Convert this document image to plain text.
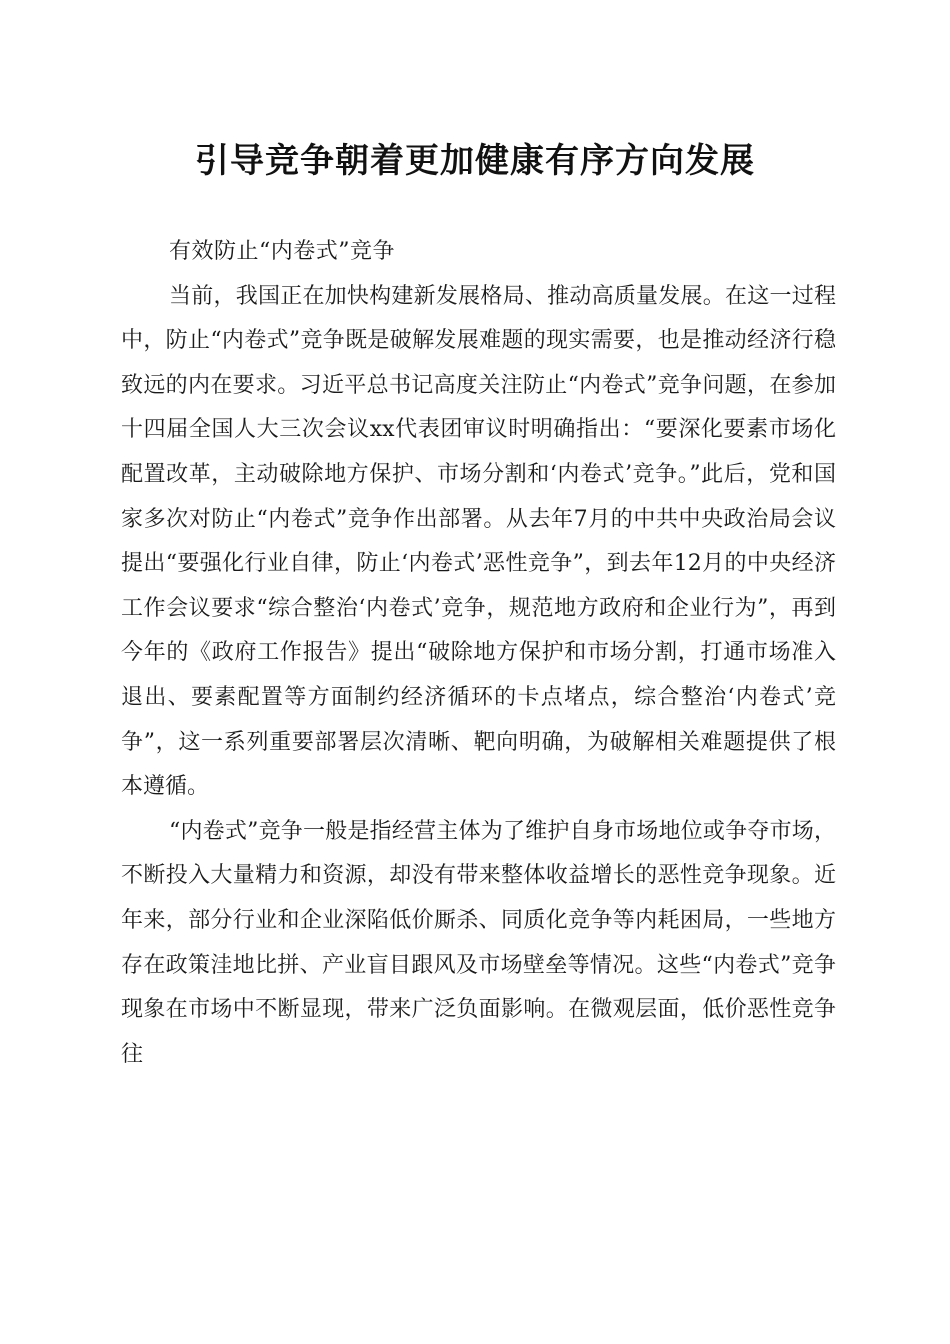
引导竞争朝着更加健康有序方向发展

有效防止“内卷式”竞争

当前，我国正在加快构建新发展格局、推动高质量发展。在这一过程中，防止“内卷式”竞争既是破解发展难题的现实需要，也是推动经济行稳致远的内在要求。习近平总书记高度关注防止“内卷式”竞争问题，在参加十四届全国人大三次会议xx代表团审议时明确指出：“要深化要素市场化配置改革，主动破除地方保护、市场分割和‘内卷式’竞争。”此后，党和国家多次对防止“内卷式”竞争作出部署。从去年7月的中共中央政治局会议提出“要强化行业自律，防止‘内卷式’恶性竞争”，到去年12月的中央经济工作会议要求“综合整治‘内卷式’竞争，规范地方政府和企业行为”，再到今年的《政府工作报告》提出“破除地方保护和市场分割，打通市场准入退出、要素配置等方面制约经济循环的卡点堵点，综合整治‘内卷式’竞争”，这一系列重要部署层次清晰、靶向明确，为破解相关难题提供了根本遵循。

“内卷式”竞争一般是指经营主体为了维护自身市场地位或争夺市场，不断投入大量精力和资源，却没有带来整体收益增长的恶性竞争现象。近年来，部分行业和企业深陷低价厮杀、同质化竞争等内耗困局，一些地方存在政策洼地比拼、产业盲目跟风及市场壁垒等情况。这些“内卷式”竞争现象在市场中不断显现，带来广泛负面影响。在微观层面，低价恶性竞争往
